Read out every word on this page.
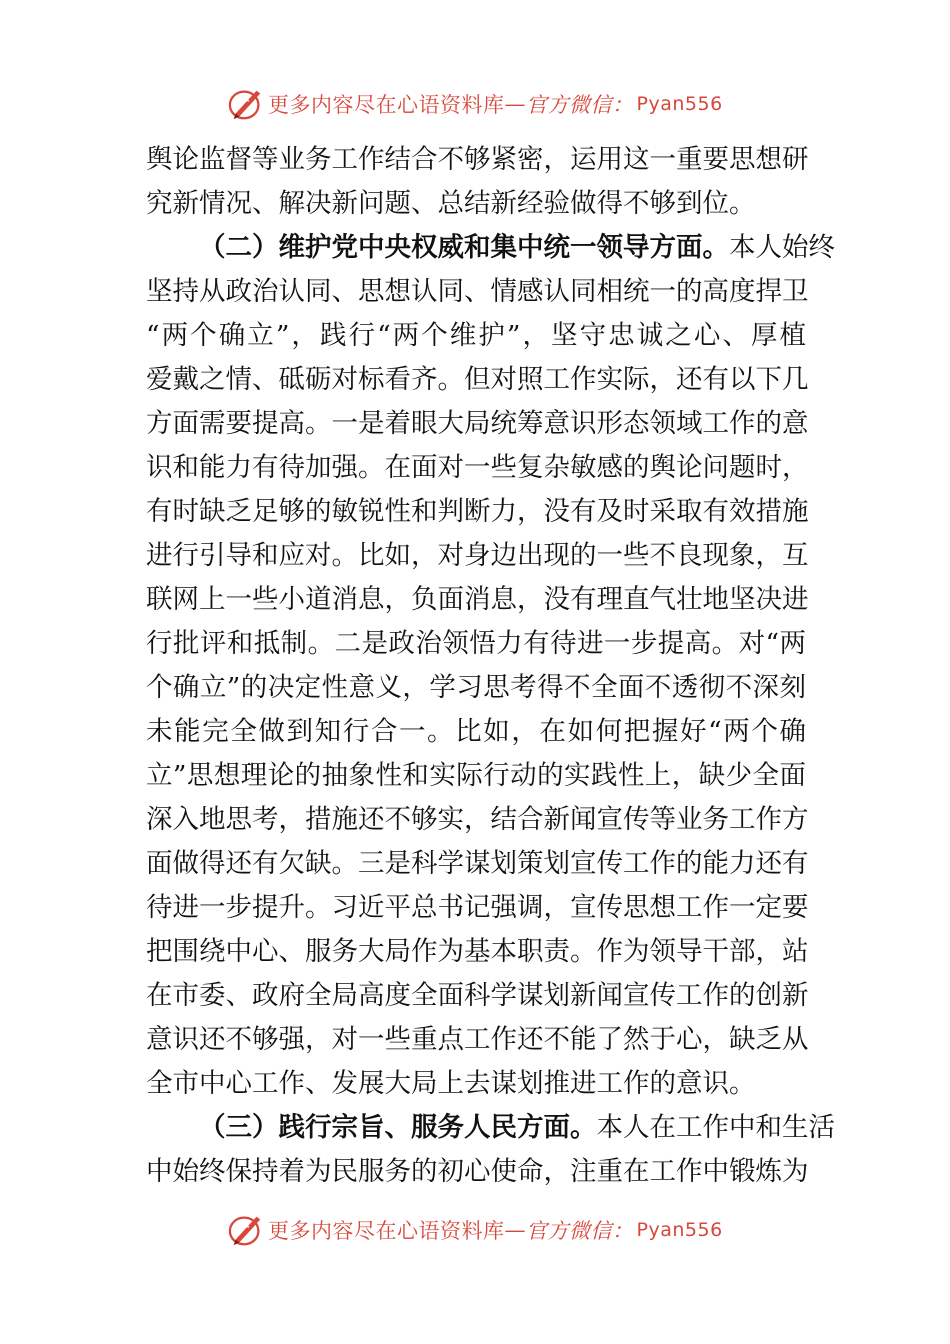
更多内容尽在心语资料库 — 官方微信： Pyan556
舆论监督等业务工作结合不够紧密，运用这一重要思想研
究新情况、解决新问题、总结新经验做得不够到位。
（二）维护党中央权威和集中统一领导方面。本人始终
坚持从政治认同、思想认同、情感认同相统一的高度捍卫
“两个确立”，践行“两个维护”，坚守忠诚之心、厚植
爱戴之情、砥砺对标看齐。但对照工作实际，还有以下几
方面需要提高。一是着眼大局统筹意识形态领域工作的意
识和能力有待加强。在面对一些复杂敏感的舆论问题时，
有时缺乏足够的敏锐性和判断力，没有及时采取有效措施
进行引导和应对。比如，对身边出现的一些不良现象，互
联网上一些小道消息，负面消息，没有理直气壮地坚决进
行批评和抵制。二是政治领悟力有待进一步提高。对“两
个确立”的决定性意义，学习思考得不全面不透彻不深刻
未能完全做到知行合一。比如，在如何把握好“两个确
立”思想理论的抽象性和实际行动的实践性上，缺少全面
深入地思考，措施还不够实，结合新闻宣传等业务工作方
面做得还有欠缺。三是科学谋划策划宣传工作的能力还有
待进一步提升。习近平总书记强调，宣传思想工作一定要
把围绕中心、服务大局作为基本职责。作为领导干部，站
在市委、政府全局高度全面科学谋划新闻宣传工作的创新
意识还不够强，对一些重点工作还不能了然于心，缺乏从
全市中心工作、发展大局上去谋划推进工作的意识。
（三）践行宗旨、服务人民方面。本人在工作中和生活
中始终保持着为民服务的初心使命，注重在工作中锻炼为
更多内容尽在心语资料库 — 官方微信： Pyan556
